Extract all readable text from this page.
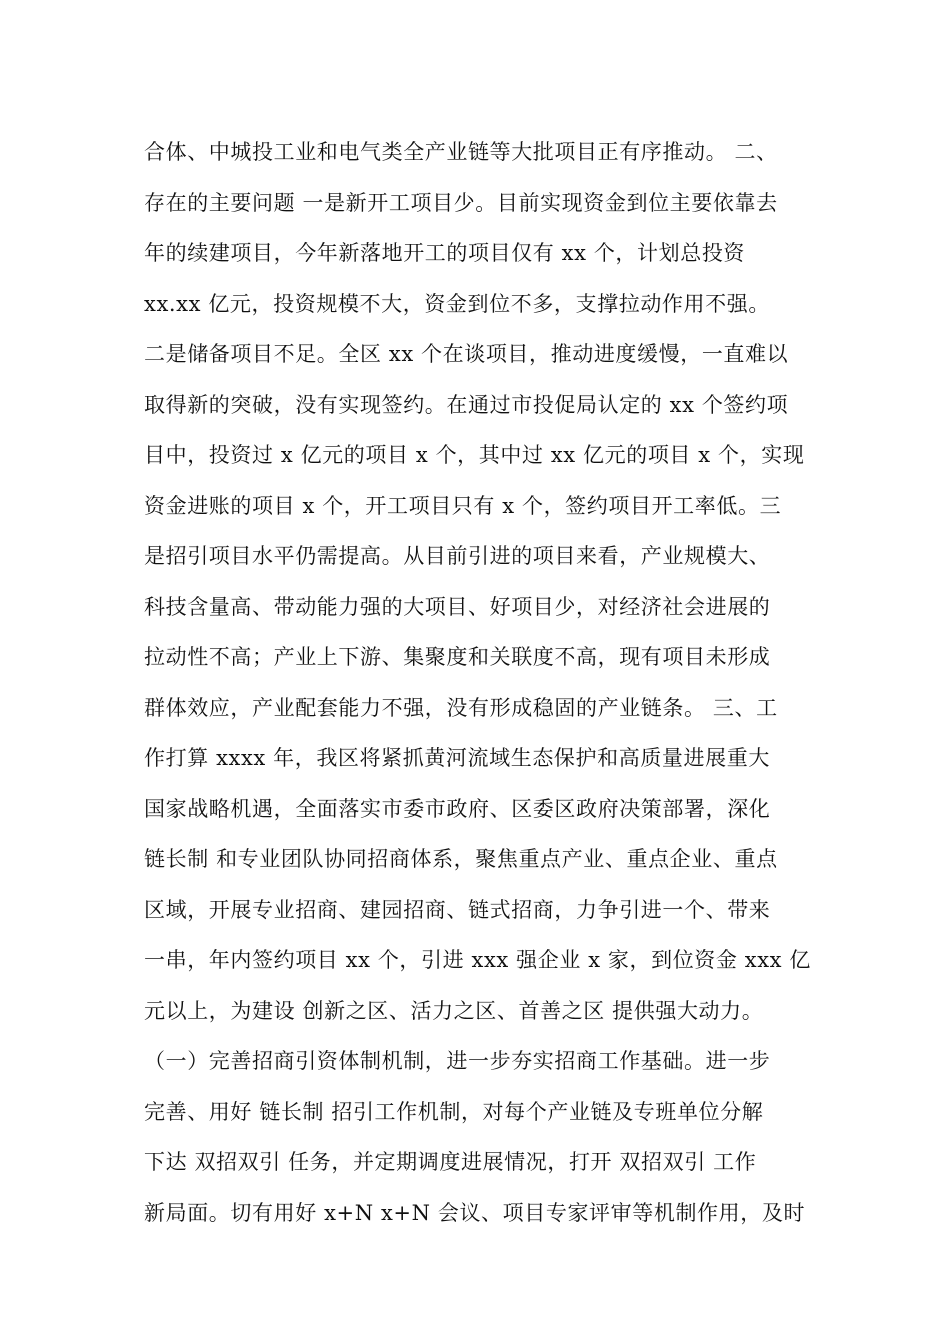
合体、中城投工业和电气类全产业链等大批项目正有序推动。 二、
存在的主要问题 一是新开工项目少。目前实现资金到位主要依靠去
年的续建项目，今年新落地开工的项目仅有 xx 个，计划总投资
xx.xx 亿元，投资规模不大，资金到位不多，支撑拉动作用不强。
二是储备项目不足。全区 xx 个在谈项目，推动进度缓慢，一直难以
取得新的突破，没有实现签约。在通过市投促局认定的 xx 个签约项
目中，投资过 x 亿元的项目 x 个，其中过 xx 亿元的项目 x 个，实现
资金进账的项目 x 个，开工项目只有 x 个，签约项目开工率低。三
是招引项目水平仍需提高。从目前引进的项目来看，产业规模大、
科技含量高、带动能力强的大项目、好项目少，对经济社会进展的
拉动性不高；产业上下游、集聚度和关联度不高，现有项目未形成
群体效应，产业配套能力不强，没有形成稳固的产业链条。 三、工
作打算 xxxx 年，我区将紧抓黄河流域生态保护和高质量进展重大
国家战略机遇，全面落实市委市政府、区委区政府决策部署，深化
链长制 和专业团队协同招商体系，聚焦重点产业、重点企业、重点
区域，开展专业招商、建园招商、链式招商，力争引进一个、带来
一串，年内签约项目 xx 个，引进 xxx 强企业 x 家，到位资金 xxx 亿
元以上，为建设 创新之区、活力之区、首善之区 提供强大动力。
（一）完善招商引资体制机制，进一步夯实招商工作基础。进一步
完善、用好 链长制 招引工作机制，对每个产业链及专班单位分解
下达 双招双引 任务，并定期调度进展情况，打开 双招双引 工作
新局面。切有用好 x+N x+N 会议、项目专家评审等机制作用，及时
